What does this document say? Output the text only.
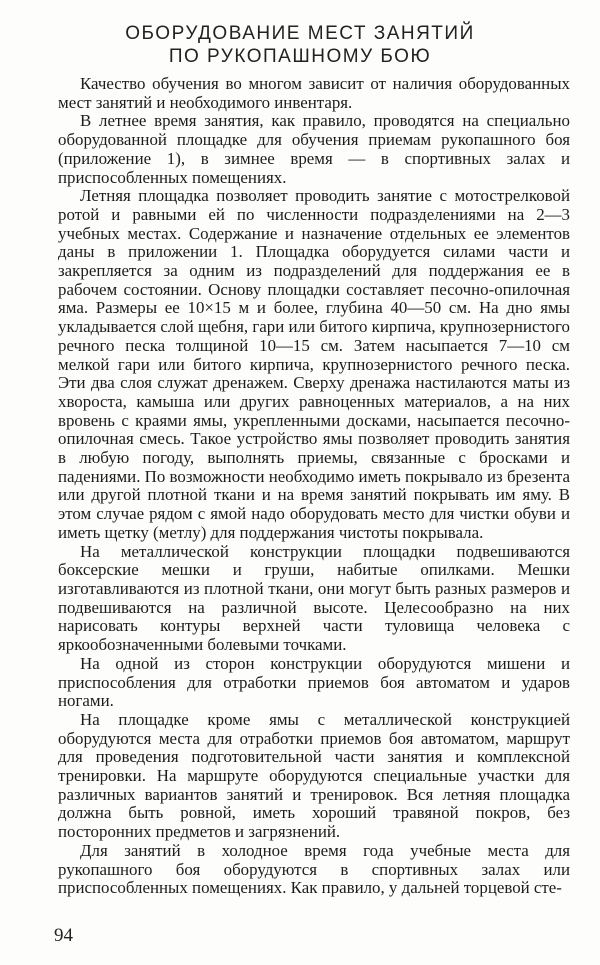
ОБОРУДОВАНИЕ МЕСТ ЗАНЯТИЙ
ПО РУКОПАШНОМУ БОЮ

Качество обучения во многом зависит от наличия оборудованных мест занятий и необходимого инвентаря.

В летнее время занятия, как правило, проводятся на специально оборудованной площадке для обучения приемам рукопашного боя (приложение 1), в зимнее время — в спортивных залах и приспособленных помещениях.

Летняя площадка позволяет проводить занятие с мотострелковой ротой и равными ей по численности подразделениями на 2—3 учебных местах. Содержание и назначение отдельных ее элементов даны в приложении 1. Площадка оборудуется силами части и закрепляется за одним из подразделений для поддержания ее в рабочем состоянии. Основу площадки составляет песочно-опилочная яма. Размеры ее 10×15 м и более, глубина 40—50 см. На дно ямы укладывается слой щебня, гари или битого кирпича, крупнозернистого речного песка толщиной 10—15 см. Затем насыпается 7—10 см мелкой гари или битого кирпича, крупнозернистого речного песка. Эти два слоя служат дренажем. Сверху дренажа настилаются маты из хвороста, камыша или других равноценных материалов, а на них вровень с краями ямы, укрепленными досками, насыпается песочно-опилочная смесь. Такое устройство ямы позволяет проводить занятия в любую погоду, выполнять приемы, связанные с бросками и падениями. По возможности необходимо иметь покрывало из брезента или другой плотной ткани и на время занятий покрывать им яму. В этом случае рядом с ямой надо оборудовать место для чистки обуви и иметь щетку (метлу) для поддержания чистоты покрывала.

На металлической конструкции площадки подвешиваются боксерские мешки и груши, набитые опилками. Мешки изготавливаются из плотной ткани, они могут быть разных размеров и подвешиваются на различной высоте. Целесообразно на них нарисовать контуры верхней части туловища человека с яркообозначенными болевыми точками.

На одной из сторон конструкции оборудуются мишени и приспособления для отработки приемов боя автоматом и ударов ногами.

На площадке кроме ямы с металлической конструкцией оборудуются места для отработки приемов боя автоматом, маршрут для проведения подготовительной части занятия и комплексной тренировки. На маршруте оборудуются специальные участки для различных вариантов занятий и тренировок. Вся летняя площадка должна быть ровной, иметь хороший травяной покров, без посторонних предметов и загрязнений.

Для занятий в холодное время года учебные места для рукопашного боя оборудуются в спортивных залах или приспособленных помещениях. Как правило, у дальней торцевой сте-

94
